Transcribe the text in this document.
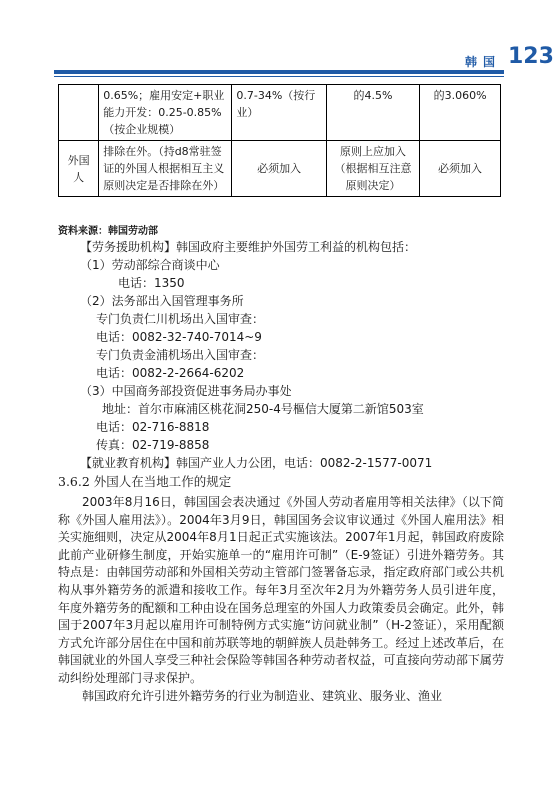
韩国 123
	0.65%；雇用安定+职业能力开发：0.25-0.85%（按企业规模）	0.7-34%（按行业）	的4.5%	的3.060%
外国人	排除在外。（持d8常驻签证的外国人根据相互主义原则决定是否排除在外）	必须加入	原则上应加入（根据相互注意原则决定）	必须加入
资料来源：韩国劳动部
【劳务援助机构】韩国政府主要维护外国劳工利益的机构包括：
（1）劳动部综合商谈中心
电话：1350
（2）法务部出入国管理事务所
专门负责仁川机场出入国审查：
电话：0082-32-740-7014~9
专门负责金浦机场出入国审查：
电话：0082-2-2664-6202
（3）中国商务部投资促进事务局办事处
地址：首尔市麻浦区桃花洞250-4号樞信大厦第二新馆503室
电话：02-716-8818
传真：02-719-8858
【就业教育机构】韩国产业人力公团，电话：0082-2-1577-0071
3.6.2 外国人在当地工作的规定

2003年8月16日，韩国国会表决通过《外国人劳动者雇用等相关法律》（以下简称《外国人雇用法》）。2004年3月9日，韩国国务会议审议通过《外国人雇用法》相关实施细则，决定从2004年8月1日起正式实施该法。2007年1月起，韩国政府废除此前产业研修生制度，开始实施单一的“雇用许可制”（E-9签证）引进外籍劳务。其特点是：由韩国劳动部和外国相关劳动主管部门签署备忘录，指定政府部门或公共机构从事外籍劳务的派遣和接收工作。每年3月至次年2月为外籍劳务人员引进年度，年度外籍劳务的配额和工种由设在国务总理室的外国人力政策委员会确定。此外，韩国于2007年3月起以雇用许可制特例方式实施“访问就业制”（H-2签证），采用配额方式允许部分居住在中国和前苏联等地的朝鲜族人员赴韩务工。经过上述改革后，在韩国就业的外国人享受三种社会保险等韩国各种劳动者权益，可直接向劳动部下属劳动纠纷处理部门寻求保护。

韩国政府允许引进外籍劳务的行业为制造业、建筑业、服务业、渔业
